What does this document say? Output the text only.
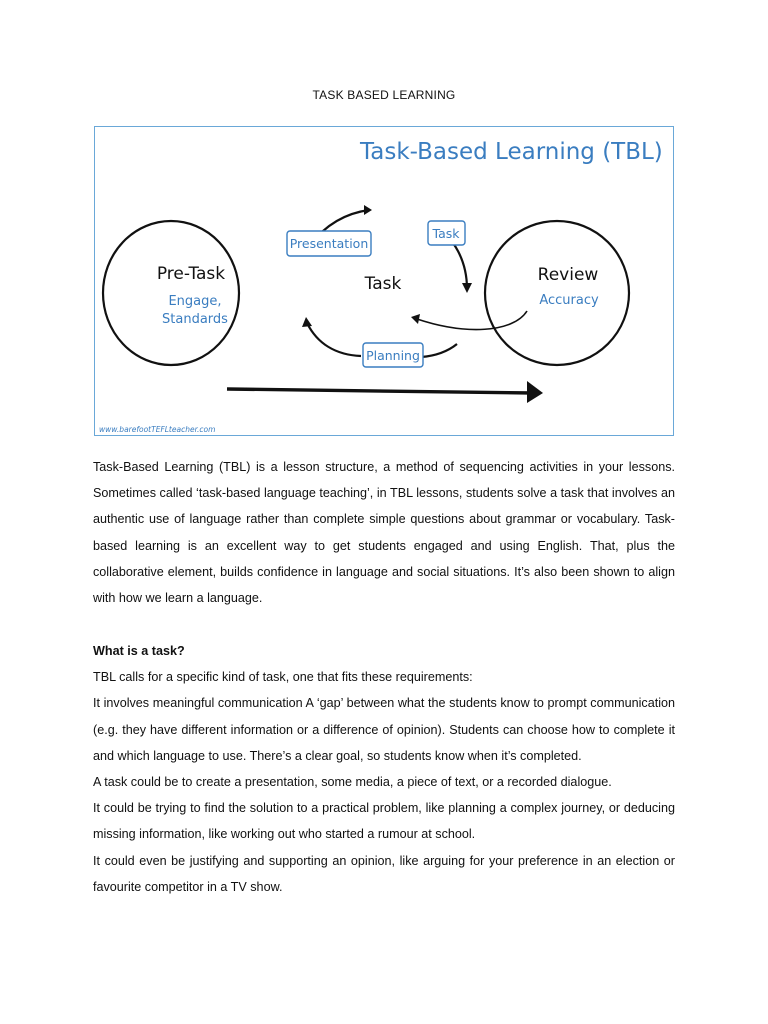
TASK BASED LEARNING
Task-Based Learning (TBL)
Presentation
Task
Planning
Pre-Task
Engage,
Standards
Task	Review
Accuracy
www.barefootTEFLteacher.com

Task-Based Learning (TBL) is a lesson structure, a method of sequencing activities in your lessons. Sometimes called ‘task-based language teaching’, in TBL lessons, students solve a task that involves an authentic use of language rather than complete simple questions about grammar or vocabulary. Task-based learning is an excellent way to get students engaged and using English. That, plus the collaborative element, builds confidence in language and social situations. It’s also been shown to align with how we learn a language.

What is a task?

TBL calls for a specific kind of task, one that fits these requirements:

It involves meaningful communication A ‘gap’ between what the students know to prompt communication (e.g. they have different information or a difference of opinion). Students can choose how to complete it and which language to use. There’s a clear goal, so students know when it’s completed.

A task could be to create a presentation, some media, a piece of text, or a recorded dialogue.

It could be trying to find the solution to a practical problem, like planning a complex journey, or deducing missing information, like working out who started a rumour at school.

It could even be justifying and supporting an opinion, like arguing for your preference in an election or favourite competitor in a TV show.
